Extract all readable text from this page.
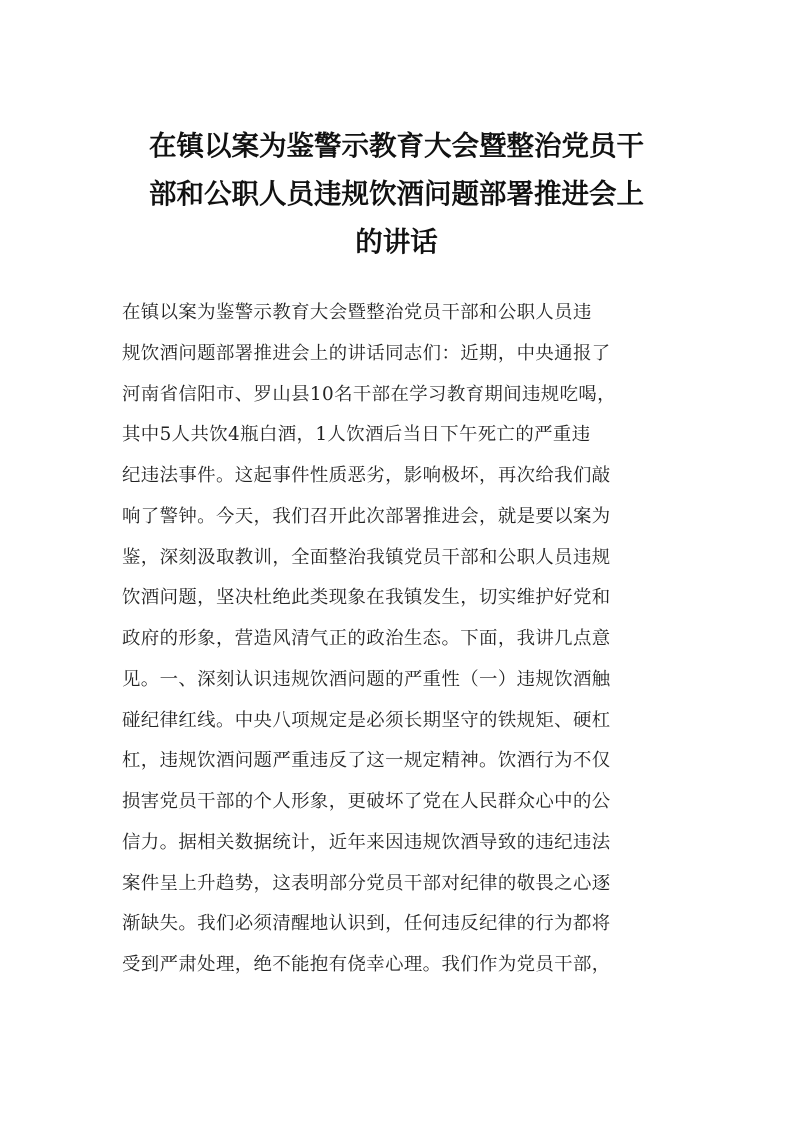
在镇以案为鉴警示教育大会暨整治党员干
部和公职人员违规饮酒问题部署推进会上
的讲话
在镇以案为鉴警示教育大会暨整治党员干部和公职人员违
规饮酒问题部署推进会上的讲话同志们：近期，中央通报了
河南省信阳市、罗山县10名干部在学习教育期间违规吃喝，
其中5人共饮4瓶白酒，1人饮酒后当日下午死亡的严重违
纪违法事件。这起事件性质恶劣，影响极坏，再次给我们敲
响了警钟。今天，我们召开此次部署推进会，就是要以案为
鉴，深刻汲取教训，全面整治我镇党员干部和公职人员违规
饮酒问题，坚决杜绝此类现象在我镇发生，切实维护好党和
政府的形象，营造风清气正的政治生态。下面，我讲几点意
见。一、深刻认识违规饮酒问题的严重性（一）违规饮酒触
碰纪律红线。中央八项规定是必须长期坚守的铁规矩、硬杠
杠，违规饮酒问题严重违反了这一规定精神。饮酒行为不仅
损害党员干部的个人形象，更破坏了党在人民群众心中的公
信力。据相关数据统计，近年来因违规饮酒导致的违纪违法
案件呈上升趋势，这表明部分党员干部对纪律的敬畏之心逐
渐缺失。我们必须清醒地认识到，任何违反纪律的行为都将
受到严肃处理，绝不能抱有侥幸心理。我们作为党员干部，
